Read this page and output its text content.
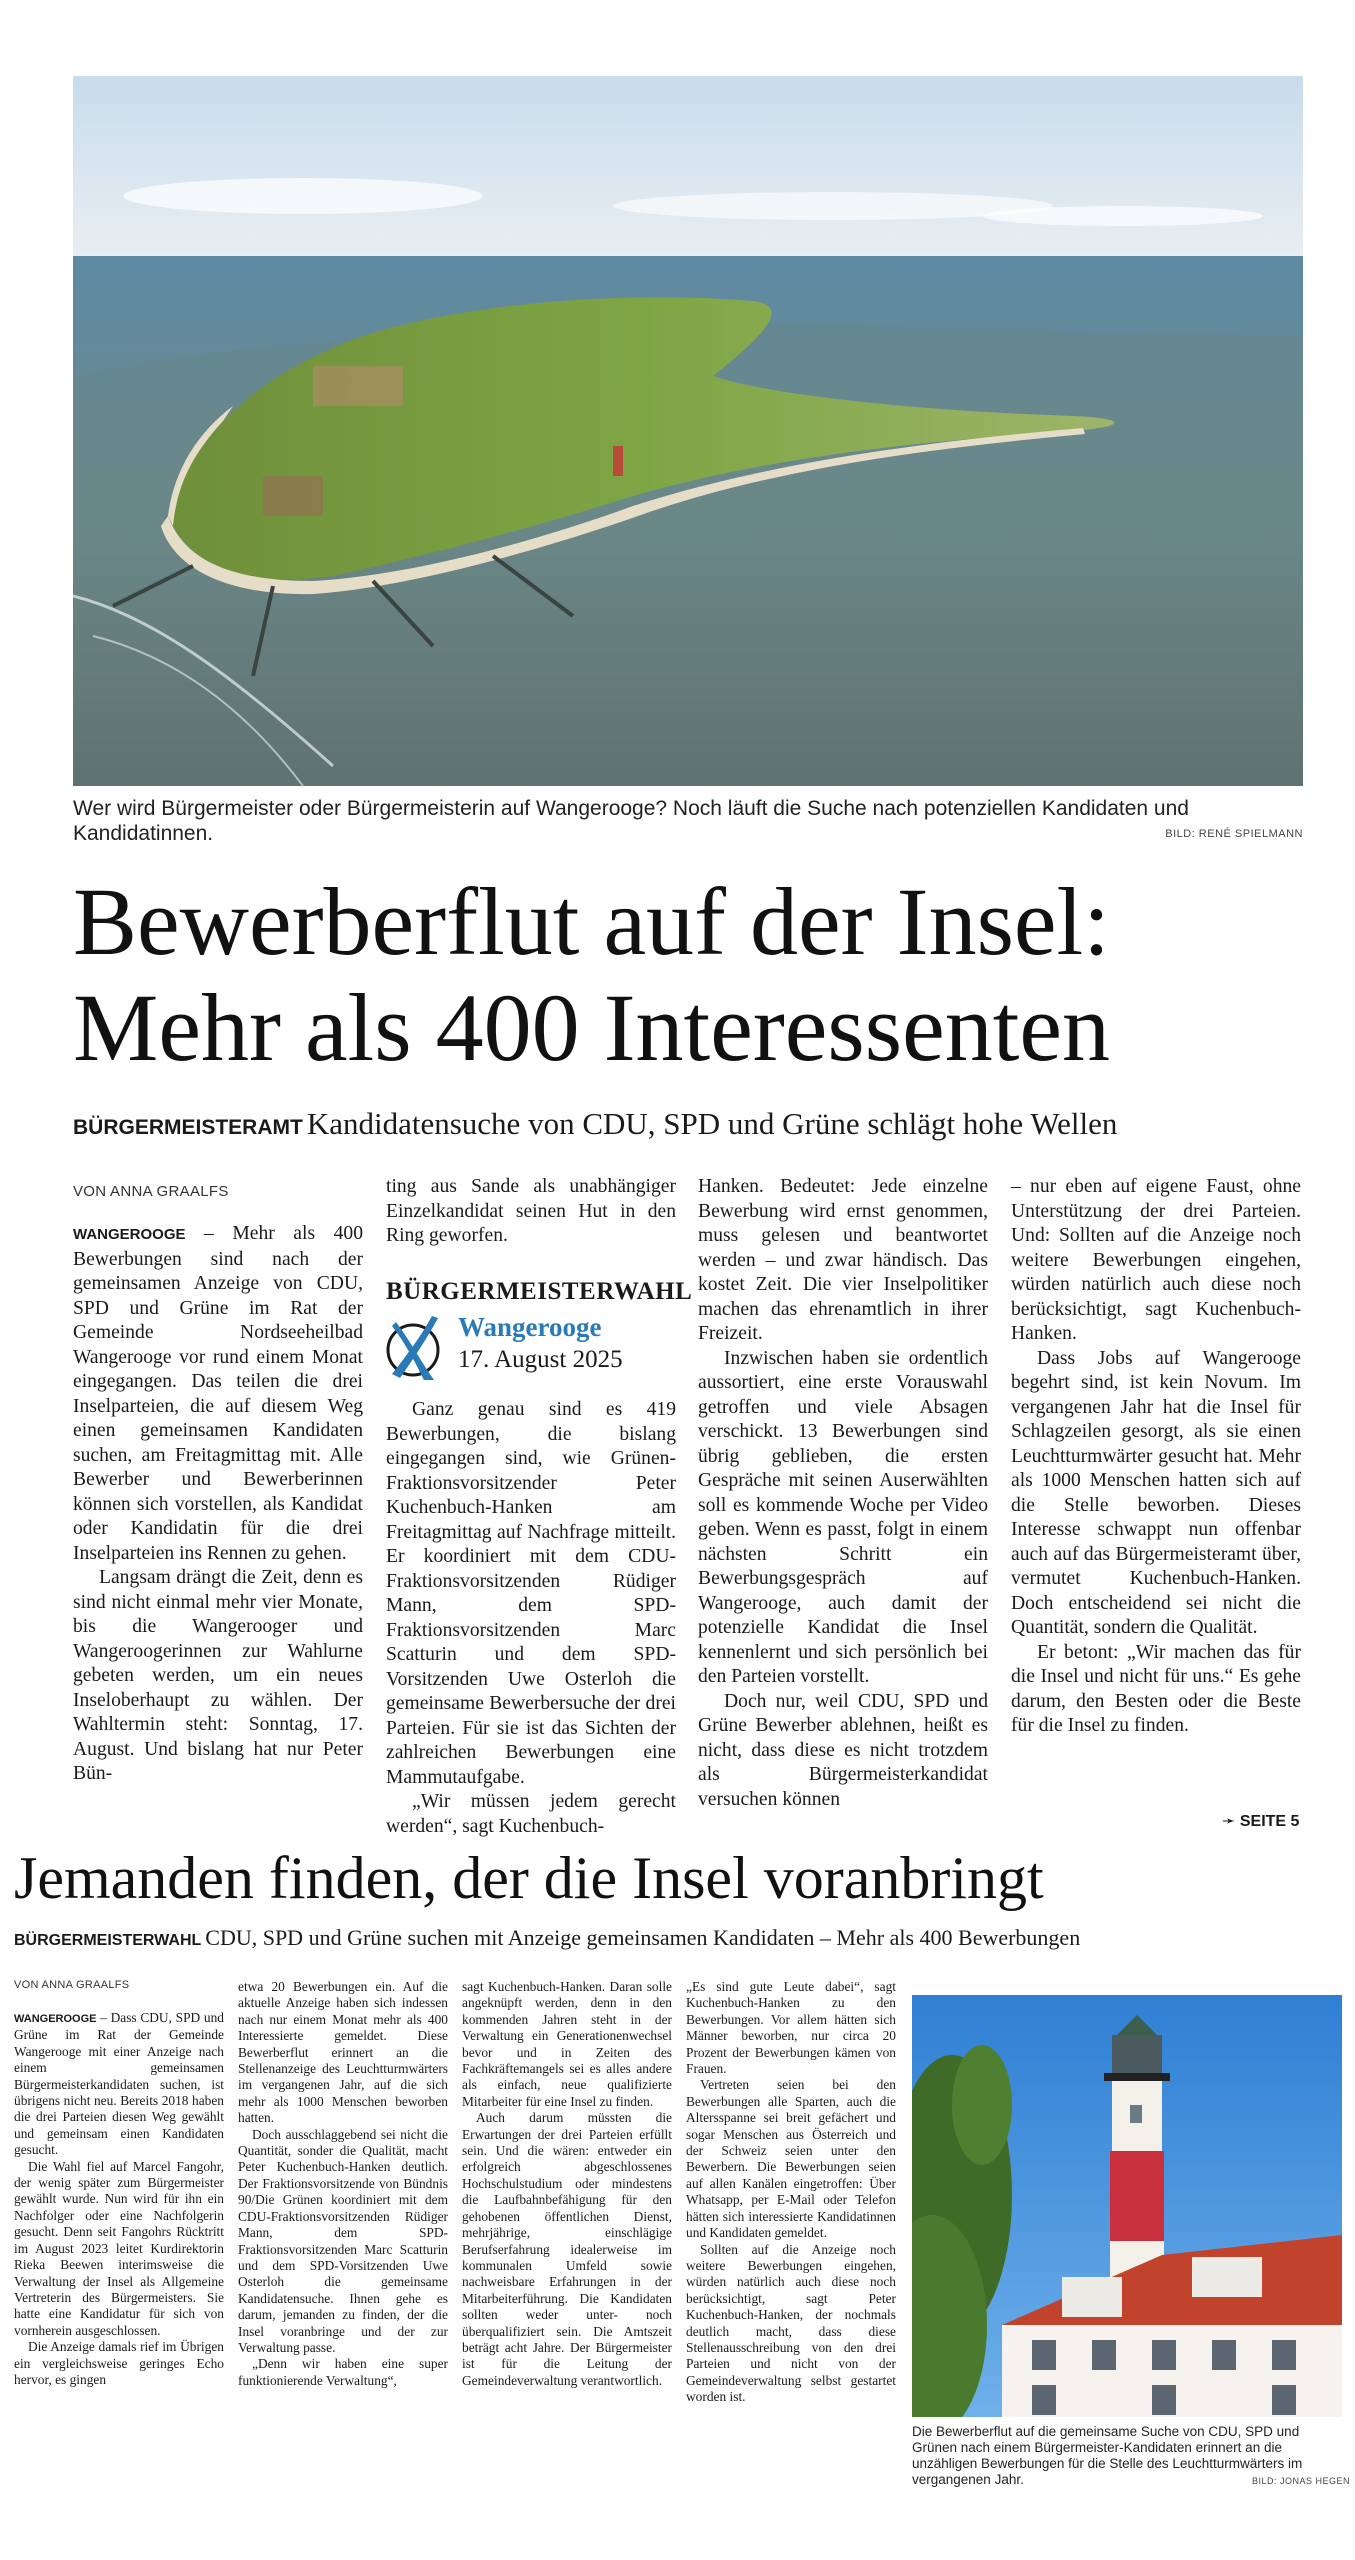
Wer wird Bürgermeister oder Bürgermeisterin auf Wangerooge? Noch läuft die Suche nach potenziellen Kandidaten und Kandidatinnen.	BILD: RENÉ SPIELMANN
Bewerberflut auf der Insel:
Mehr als 400 Interessenten
BÜRGERMEISTERAMT Kandidatensuche von CDU, SPD und Grüne schlägt hohe Wellen
VON ANNA GRAALFS

WANGEROOGE – Mehr als 400 Bewerbungen sind nach der gemeinsamen Anzeige von CDU, SPD und Grüne im Rat der Gemeinde Nordseeheilbad Wangerooge vor rund einem Monat eingegangen. Das teilen die drei Inselparteien, die auf diesem Weg einen gemeinsamen Kandidaten suchen, am Freitagmittag mit. Alle Bewerber und Bewerberinnen können sich vorstellen, als Kandidat oder Kandidatin für die drei Inselparteien ins Rennen zu gehen.

Langsam drängt die Zeit, denn es sind nicht einmal mehr vier Monate, bis die Wangerooger und Wangeroogerinnen zur Wahlurne gebeten werden, um ein neues Inseloberhaupt zu wählen. Der Wahltermin steht: Sonntag, 17. August. Und bislang hat nur Peter Bün-

ting aus Sande als unabhängiger Einzelkandidat seinen Hut in den Ring geworfen.

BÜRGERMEISTERWAHL
Wangerooge
17. August 2025

Ganz genau sind es 419 Bewerbungen, die bislang eingegangen sind, wie Grünen-Fraktionsvorsitzender Peter Kuchenbuch-Hanken am Freitagmittag auf Nachfrage mitteilt. Er koordiniert mit dem CDU-Fraktionsvorsitzenden Rüdiger Mann, dem SPD-Fraktionsvorsitzenden Marc Scatturin und dem SPD-Vorsitzenden Uwe Osterloh die gemeinsame Bewerbersuche der drei Parteien. Für sie ist das Sichten der zahlreichen Bewerbungen eine Mammutaufgabe.

„Wir müssen jedem gerecht werden“, sagt Kuchenbuch-

Hanken. Bedeutet: Jede einzelne Bewerbung wird ernst genommen, muss gelesen und beantwortet werden – und zwar händisch. Das kostet Zeit. Die vier Inselpolitiker machen das ehrenamtlich in ihrer Freizeit.

Inzwischen haben sie ordentlich aussortiert, eine erste Vorauswahl getroffen und viele Absagen verschickt. 13 Bewerbungen sind übrig geblieben, die ersten Gespräche mit seinen Auserwählten soll es kommende Woche per Video geben. Wenn es passt, folgt in einem nächsten Schritt ein Bewerbungsgespräch auf Wangerooge, auch damit der potenzielle Kandidat die Insel kennenlernt und sich persönlich bei den Parteien vorstellt.

Doch nur, weil CDU, SPD und Grüne Bewerber ablehnen, heißt es nicht, dass diese es nicht trotzdem als Bürgermeisterkandidat versuchen können

– nur eben auf eigene Faust, ohne Unterstützung der drei Parteien. Und: Sollten auf die Anzeige noch weitere Bewerbungen eingehen, würden natürlich auch diese noch berücksichtigt, sagt Kuchenbuch-Hanken.

Dass Jobs auf Wangerooge begehrt sind, ist kein Novum. Im vergangenen Jahr hat die Insel für Schlagzeilen gesorgt, als sie einen Leuchtturmwärter gesucht hat. Mehr als 1000 Menschen hatten sich auf die Stelle beworben. Dieses Interesse schwappt nun offenbar auch auf das Bürgermeisteramt über, vermutet Kuchenbuch-Hanken. Doch entscheidend sei nicht die Quantität, sondern die Qualität.

Er betont: „Wir machen das für die Insel und nicht für uns.“ Es gehe darum, den Besten oder die Beste für die Insel zu finden.

➛ SEITE 5
Jemanden finden, der die Insel voranbringt
BÜRGERMEISTERWAHL CDU, SPD und Grüne suchen mit Anzeige gemeinsamen Kandidaten – Mehr als 400 Bewerbungen
VON ANNA GRAALFS

WANGEROOGE – Dass CDU, SPD und Grüne im Rat der Gemeinde Wangerooge mit einer Anzeige nach einem gemeinsamen Bürgermeisterkandidaten suchen, ist übrigens nicht neu. Bereits 2018 haben die drei Parteien diesen Weg gewählt und gemeinsam einen Kandidaten gesucht.

Die Wahl fiel auf Marcel Fangohr, der wenig später zum Bürgermeister gewählt wurde. Nun wird für ihn ein Nachfolger oder eine Nachfolgerin gesucht. Denn seit Fangohrs Rücktritt im August 2023 leitet Kurdirektorin Rieka Beewen interimsweise die Verwaltung der Insel als Allgemeine Vertreterin des Bürgermeisters. Sie hatte eine Kandidatur für sich von vornherein ausgeschlossen.

Die Anzeige damals rief im Übrigen ein vergleichsweise geringes Echo hervor, es gingen

etwa 20 Bewerbungen ein. Auf die aktuelle Anzeige haben sich indessen nach nur einem Monat mehr als 400 Interessierte gemeldet. Diese Bewerberflut erinnert an die Stellenanzeige des Leuchtturmwärters im vergangenen Jahr, auf die sich mehr als 1000 Menschen beworben hatten.

Doch ausschlaggebend sei nicht die Quantität, sonder die Qualität, macht Peter Kuchenbuch-Hanken deutlich. Der Fraktionsvorsitzende von Bündnis 90/Die Grünen koordiniert mit dem CDU-Fraktionsvorsitzenden Rüdiger Mann, dem SPD-Fraktionsvorsitzenden Marc Scatturin und dem SPD-Vorsitzenden Uwe Osterloh die gemeinsame Kandidatensuche. Ihnen gehe es darum, jemanden zu finden, der die Insel voranbringe und der zur Verwaltung passe.

„Denn wir haben eine super funktionierende Verwaltung“,

sagt Kuchenbuch-Hanken. Daran solle angeknüpft werden, denn in den kommenden Jahren steht in der Verwaltung ein Generationenwechsel bevor und in Zeiten des Fachkräftemangels sei es alles andere als einfach, neue qualifizierte Mitarbeiter für eine Insel zu finden.

Auch darum müssten die Erwartungen der drei Parteien erfüllt sein. Und die wären: entweder ein erfolgreich abgeschlossenes Hochschulstudium oder mindestens die Laufbahnbefähigung für den gehobenen öffentlichen Dienst, mehrjährige, einschlägige Berufserfahrung idealerweise im kommunalen Umfeld sowie nachweisbare Erfahrungen in der Mitarbeiterführung. Die Kandidaten sollten weder unter- noch überqualifiziert sein. Die Amtszeit beträgt acht Jahre. Der Bürgermeister ist für die Leitung der Gemeindeverwaltung verantwortlich.

„Es sind gute Leute dabei“, sagt Kuchenbuch-Hanken zu den Bewerbungen. Vor allem hätten sich Männer beworben, nur circa 20 Prozent der Bewerbungen kämen von Frauen.

Vertreten seien bei den Bewerbungen alle Sparten, auch die Altersspanne sei breit gefächert und sogar Menschen aus Österreich und der Schweiz seien unter den Bewerbern. Die Bewerbungen seien auf allen Kanälen eingetroffen: Über Whatsapp, per E-Mail oder Telefon hätten sich interessierte Kandidatinnen und Kandidaten gemeldet.

Sollten auf die Anzeige noch weitere Bewerbungen eingehen, würden natürlich auch diese noch berücksichtigt, sagt Peter Kuchenbuch-Hanken, der nochmals deutlich macht, dass diese Stellenausschreibung von den drei Parteien und nicht von der Gemeindeverwaltung selbst gestartet worden ist.

Die Bewerberflut auf die gemeinsame Suche von CDU, SPD und Grünen nach einem Bürgermeister-Kandidaten erinnert an die unzähligen Bewerbungen für die Stelle des Leuchtturmwärters im vergangenen Jahr.	BILD: JONAS HEGEN
